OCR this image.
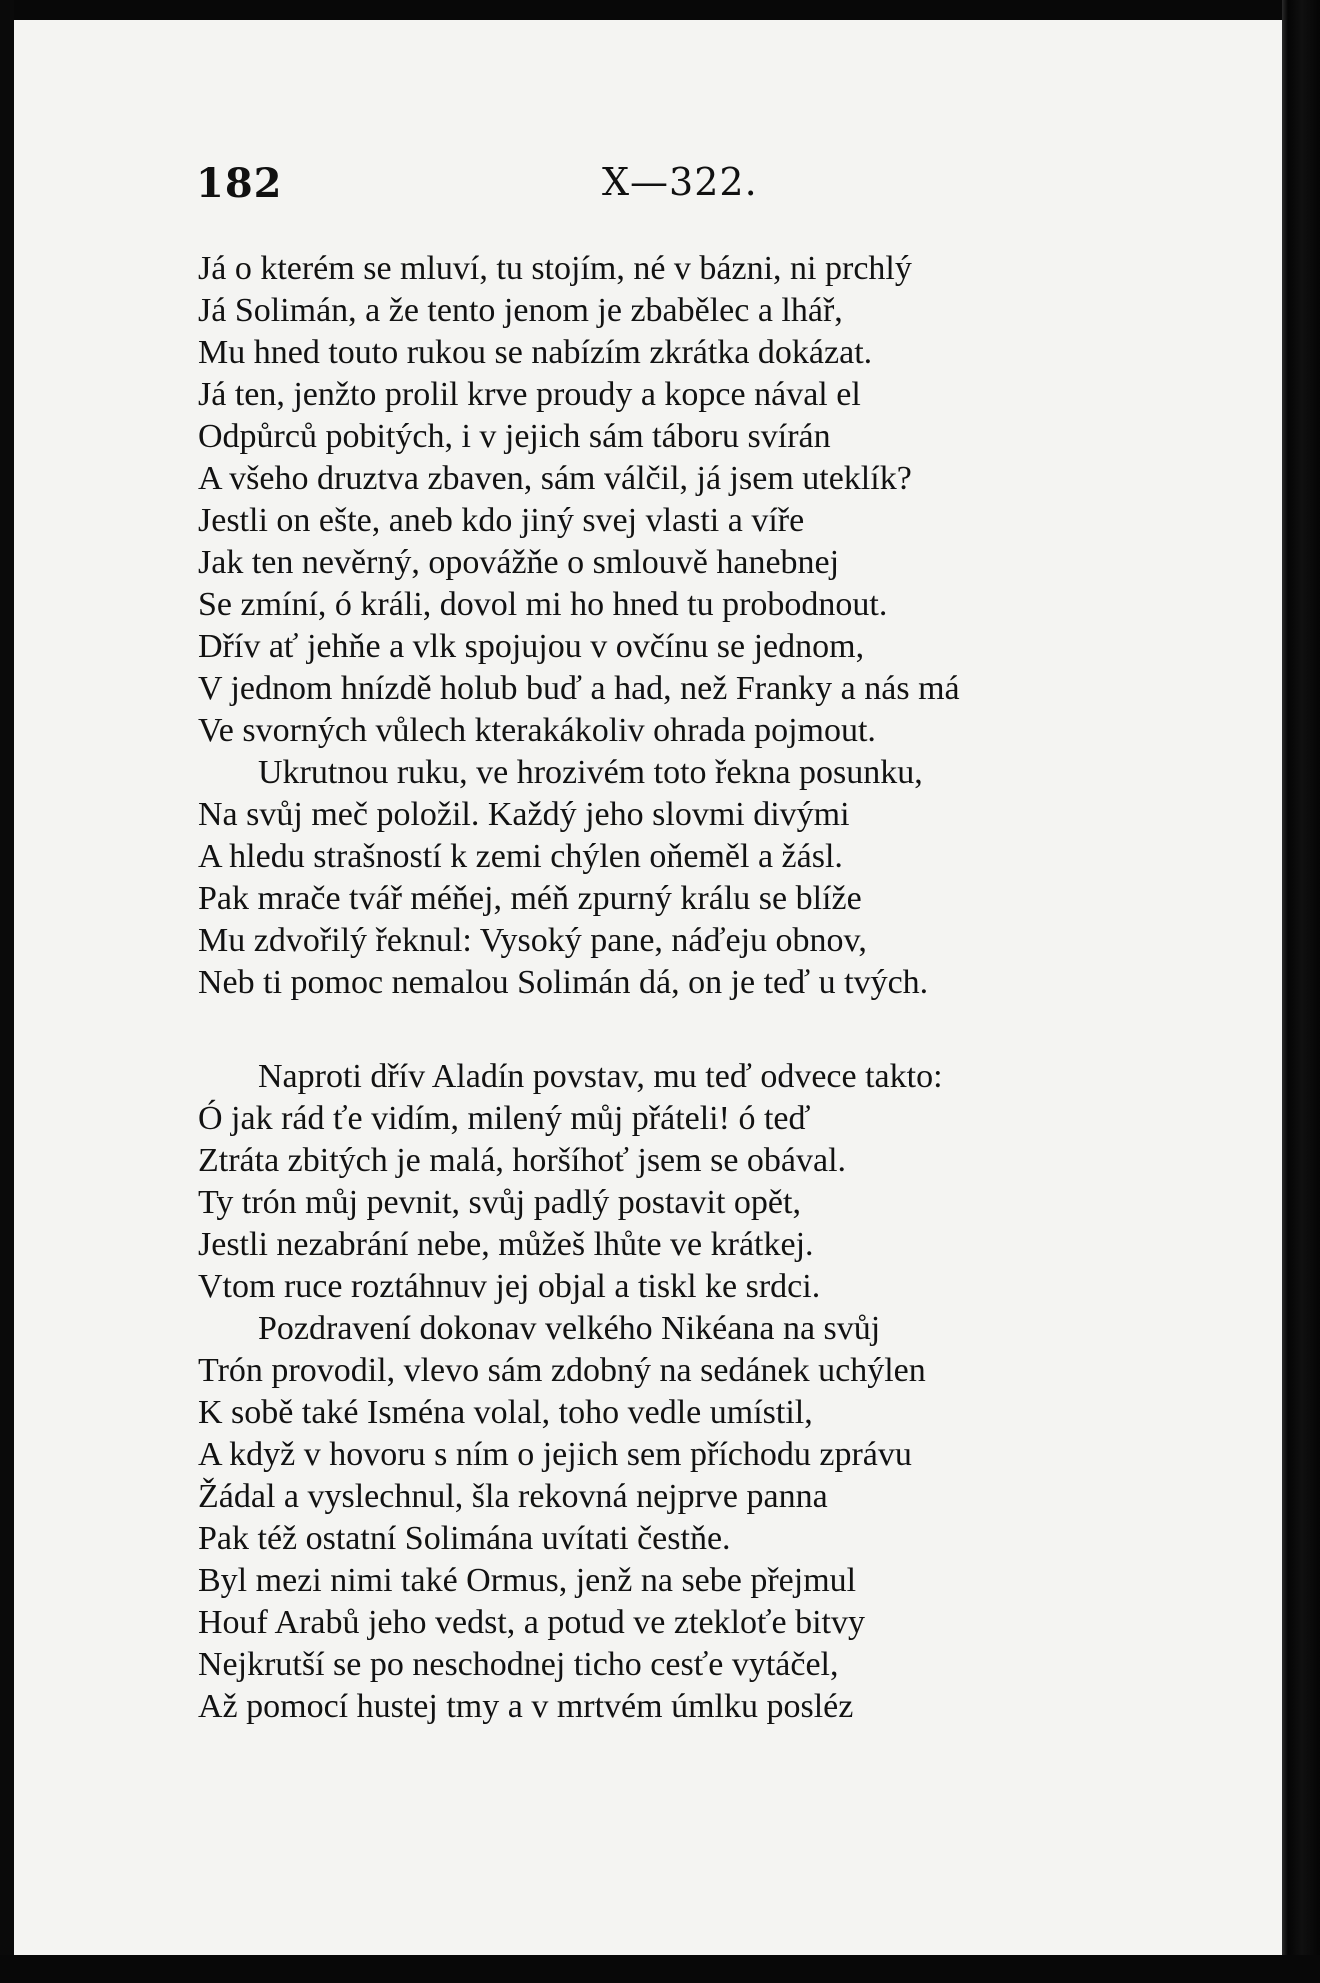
182	X—322.
Já o kterém se mluví, tu stojím, né v bázni, ni prchlý
Já Solimán, a že tento jenom je zbabělec a lhář,
Mu hned touto rukou se nabízím zkrátka dokázat.
Já ten, jenžto prolil krve proudy a kopce nával el
Odpůrců pobitých, i v jejich sám táboru svírán
A všeho druztva zbaven, sám válčil, já jsem uteklík?
Jestli on ešte, aneb kdo jiný svej vlasti a víře
Jak ten nevěrný, opovážňe o smlouvě hanebnej
Se zmíní, ó králi, dovol mi ho hned tu probodnout.
Dřív ať jehňe a vlk spojujou v ovčínu se jednom,
V jednom hnízdě holub buď a had, než Franky a nás má
Ve svorných vůlech kterakákoliv ohrada pojmout.
Ukrutnou ruku, ve hrozivém toto řekna posunku,
Na svůj meč položil. Každý jeho slovmi divými
A hledu strašností k zemi chýlen oňeměl a žásl.
Pak mrače tvář méňej, méň zpurný králu se blíže
Mu zdvořilý řeknul: Vysoký pane, náďeju obnov,
Neb ti pomoc nemalou Solimán dá, on je teď u tvých.
Naproti dřív Aladín povstav, mu teď odvece takto:
Ó jak rád ťe vidím, milený můj přáteli! ó teď
Ztráta zbitých je malá, horšíhoť jsem se obával.
Ty trón můj pevnit, svůj padlý postavit opět,
Jestli nezabrání nebe, můžeš lhůte ve krátkej.
Vtom ruce roztáhnuv jej objal a tiskl ke srdci.
Pozdravení dokonav velkého Nikéana na svůj
Trón provodil, vlevo sám zdobný na sedánek uchýlen
K sobě také Isména volal, toho vedle umístil,
A když v hovoru s ním o jejich sem příchodu zprávu
Žádal a vyslechnul, šla rekovná nejprve panna
Pak též ostatní Solimána uvítati čestňe.
Byl mezi nimi také Ormus, jenž na sebe přejmul
Houf Arabů jeho vedst, a potud ve ztekloťe bitvy
Nejkrutší se po neschodnej ticho cesťe vytáčel,
Až pomocí hustej tmy a v mrtvém úmlku posléz
